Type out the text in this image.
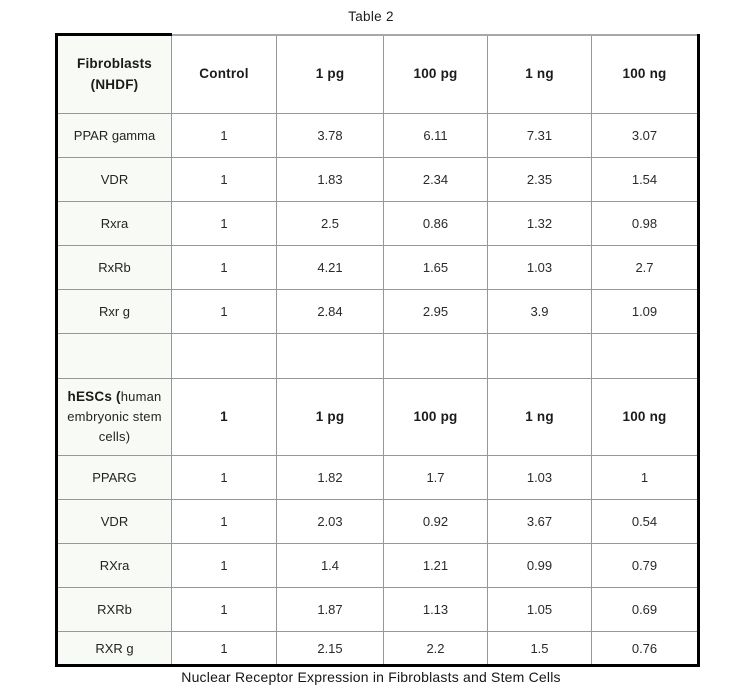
Table 2
Fibroblasts (NHDF)	Control	1 pg	100 pg	1 ng	100 ng
PPAR gamma	1	3.78	6.11	7.31	3.07
VDR	1	1.83	2.34	2.35	1.54
Rxra	1	2.5	0.86	1.32	0.98
RxRb	1	4.21	1.65	1.03	2.7
Rxr g	1	2.84	2.95	3.9	1.09

hESCs (human embryonic stem cells)	1	1 pg	100 pg	1 ng	100 ng
PPARG	1	1.82	1.7	1.03	1
VDR	1	2.03	0.92	3.67	0.54
RXra	1	1.4	1.21	0.99	0.79
RXRb	1	1.87	1.13	1.05	0.69
RXR g	1	2.15	2.2	1.5	0.76
Nuclear Receptor Expression in Fibroblasts and Stem Cells
